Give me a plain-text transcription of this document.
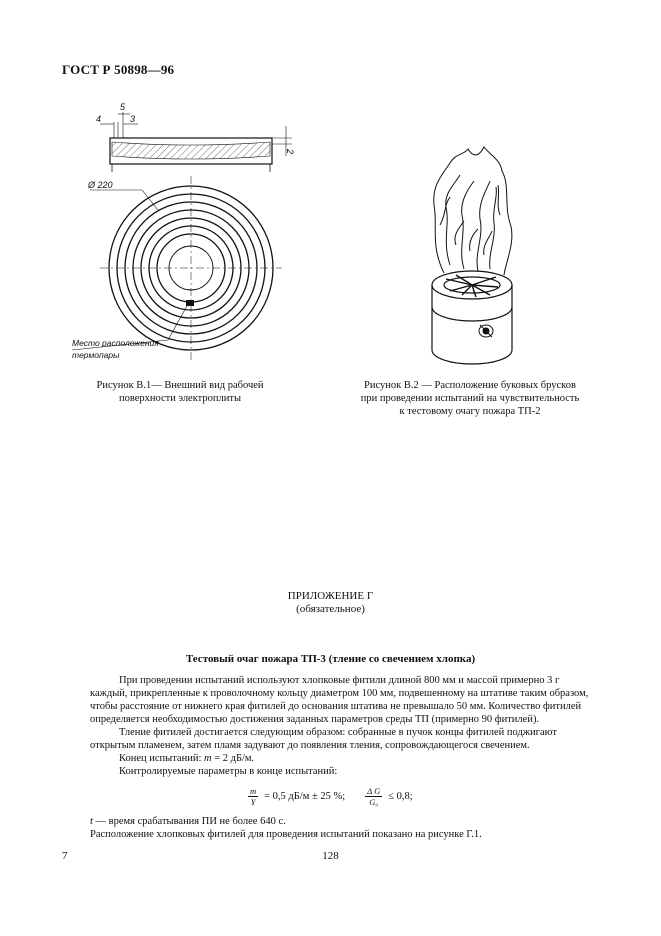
ГОСТ Р 50898—96
4
5
3
2
Ø 220
Место расположения
термопары
Рисунок В.1— Внешний вид рабочей
поверхности электроплиты
Рисунок В.2 — Расположение буковых брусков
при проведении испытаний на чувствительность
к тестовому очагу пожара ТП-2
ПРИЛОЖЕНИЕ Г
(обязательное)
Тестовый очаг пожара ТП-3 (тление со свечением хлопка)

При проведении испытаний используют хлопковые фитили длиной 800 мм и массой примерно 3 г

каждый, прикрепленные к проволочному кольцу диаметром 100 мм, подвешенному на штативе таким образом,

чтобы расстояние от нижнего края фитилей до основания штатива не превышало 50 мм. Количество фитилей

определяется необходимостью достижения заданных параметров среды ТП (примерно 90 фитилей).

Тление фитилей достигается следующим образом: собранные в пучок концы фитилей поджигают

открытым пламенем, затем пламя задувают до появления тления, сопровождающегося свечением.

Конец испытаний: m = 2 дБ/м.

Контролируемые параметры в конце испытаний:

$\frac{m}{Y} = 0,5$ дБ/м ± 25 %; $\frac{\text{Δ G}}{\text{G₀}} \le 0,8$;

t — время срабатывания ПИ не более 640 с.

Расположение хлопковых фитилей для проведения испытаний показано на рисунке Г.1.

7	128
